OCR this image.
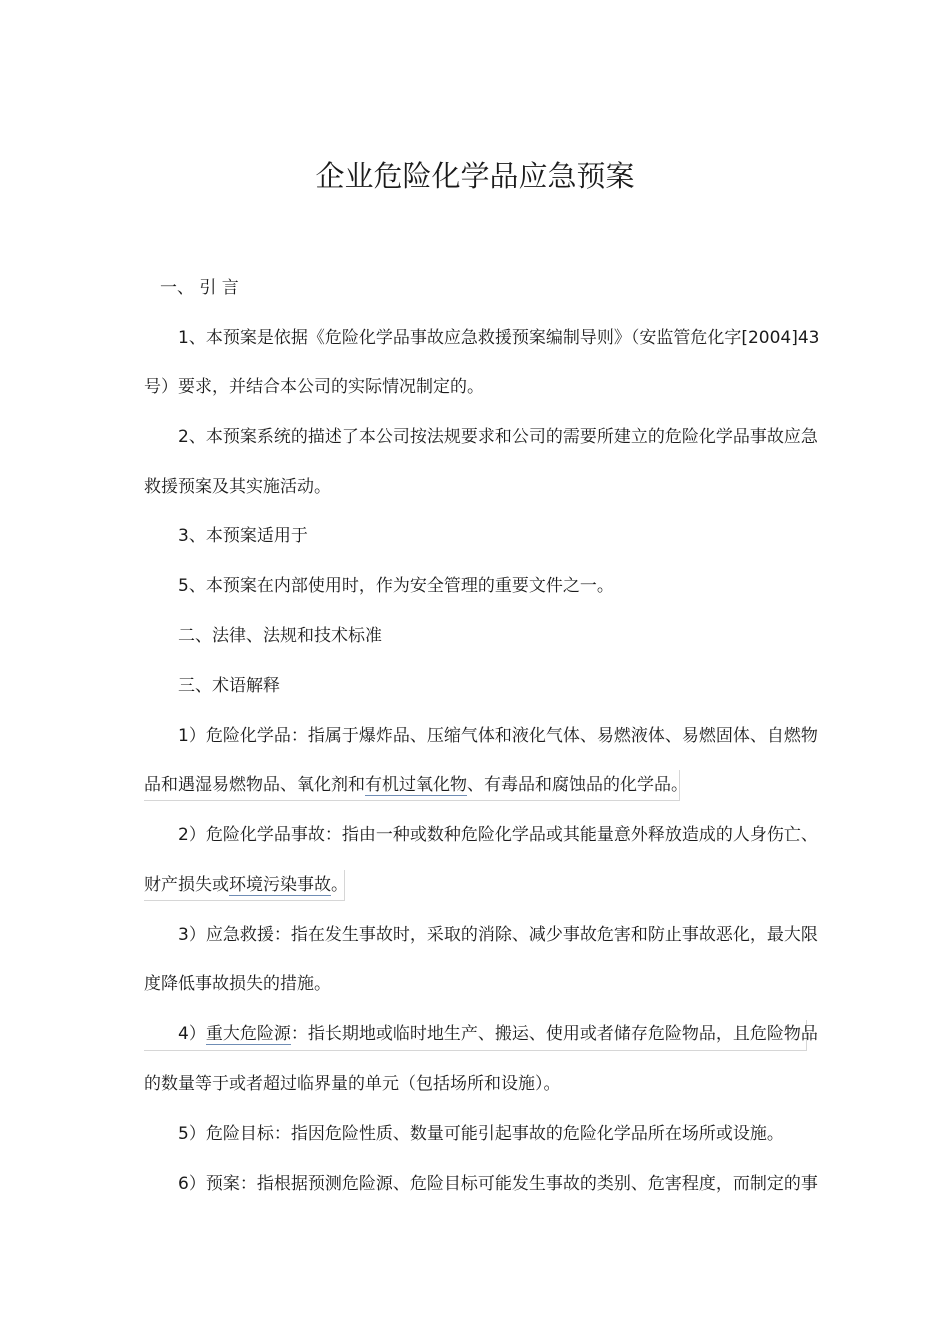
企业危险化学品应急预案
一、 引 言
1、本预案是依据《危险化学品事故应急救援预案编制导则》（安监管危化字[2004]43
号）要求，并结合本公司的实际情况制定的。
2、本预案系统的描述了本公司按法规要求和公司的需要所建立的危险化学品事故应急
救援预案及其实施活动。
3、本预案适用于
5、本预案在内部使用时，作为安全管理的重要文件之一。
二、法律、法规和技术标准
三、术语解释
1）危险化学品：指属于爆炸品、压缩气体和液化气体、易燃液体、易燃固体、自燃物
品和遇湿易燃物品、氧化剂和有机过氧化物、有毒品和腐蚀品的化学品。
2）危险化学品事故：指由一种或数种危险化学品或其能量意外释放造成的人身伤亡、
财产损失或环境污染事故。
3）应急救援：指在发生事故时，采取的消除、减少事故危害和防止事故恶化，最大限
度降低事故损失的措施。
4）重大危险源：指长期地或临时地生产、搬运、使用或者储存危险物品，且危险物品
的数量等于或者超过临界量的单元（包括场所和设施）。
5）危险目标：指因危险性质、数量可能引起事故的危险化学品所在场所或设施。
6）预案：指根据预测危险源、危险目标可能发生事故的类别、危害程度，而制定的事
